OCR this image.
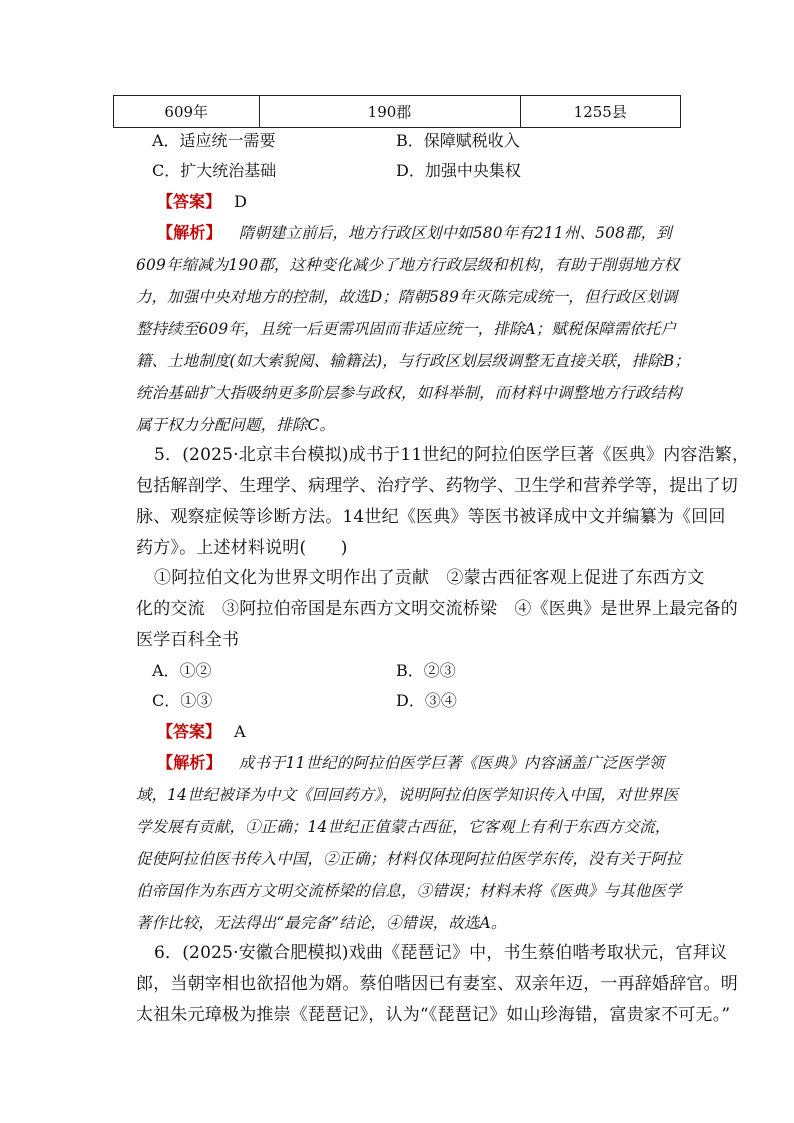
609年	190郡	1255县
A．适应统一需要	B．保障赋税收入
C．扩大统治基础	D．加强中央集权
【答案】 D
【解析】 隋朝建立前后，地方行政区划中如580年有211州、508郡，到
609年缩减为190郡，这种变化减少了地方行政层级和机构，有助于削弱地方权
力，加强中央对地方的控制，故选D；隋朝589年灭陈完成统一，但行政区划调
整持续至609年，且统一后更需巩固而非适应统一，排除A；赋税保障需依托户
籍、土地制度(如大索貌阅、输籍法)，与行政区划层级调整无直接关联，排除B；
统治基础扩大指吸纳更多阶层参与政权，如科举制，而材料中调整地方行政结构
属于权力分配问题，排除C。
5．(2025·北京丰台模拟)成书于11世纪的阿拉伯医学巨著《医典》内容浩繁，
包括解剖学、生理学、病理学、治疗学、药物学、卫生学和营养学等，提出了切
脉、观察症候等诊断方法。14世纪《医典》等医书被译成中文并编纂为《回回
药方》。上述材料说明(　　)
①阿拉伯文化为世界文明作出了贡献　②蒙古西征客观上促进了东西方文
化的交流　③阿拉伯帝国是东西方文明交流桥梁　④《医典》是世界上最完备的
医学百科全书
A．①②	B．②③
C．①③	D．③④
【答案】 A
【解析】 成书于11世纪的阿拉伯医学巨著《医典》内容涵盖广泛医学领
域，14世纪被译为中文《回回药方》，说明阿拉伯医学知识传入中国，对世界医
学发展有贡献，①正确；14世纪正值蒙古西征，它客观上有利于东西方交流，
促使阿拉伯医书传入中国，②正确；材料仅体现阿拉伯医学东传，没有关于阿拉
伯帝国作为东西方文明交流桥梁的信息，③错误；材料未将《医典》与其他医学
著作比较，无法得出“最完备”结论，④错误，故选A。
6．(2025·安徽合肥模拟)戏曲《琵琶记》中，书生蔡伯喈考取状元，官拜议
郎，当朝宰相也欲招他为婿。蔡伯喈因已有妻室、双亲年迈，一再辞婚辞官。明
太祖朱元璋极为推崇《琵琶记》，认为“《琵琶记》如山珍海错，富贵家不可无。”
